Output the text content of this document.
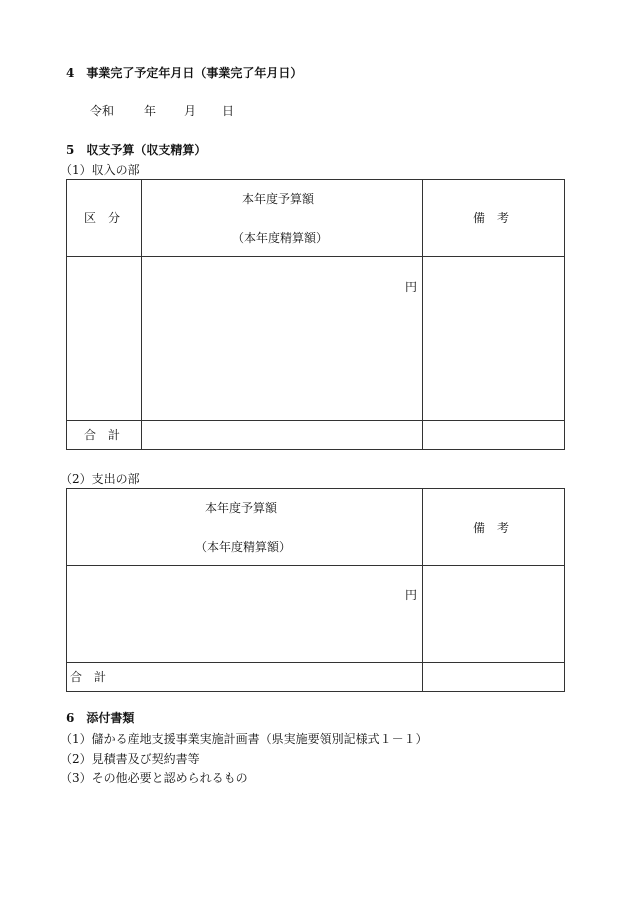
4　事業完了予定年月日（事業完了年月日）
令和 年 月 日
5　収支予算（収支精算）
（1）収入の部
区　分
本年度予算額
（本年度精算額）
備　考
円
合　計
（2）支出の部
本年度予算額
（本年度精算額）
備　考
円
合　計
6　添付書類
（1）儲かる産地支援事業実施計画書（県実施要領別記様式１－１）
（2）見積書及び契約書等
（3）その他必要と認められるもの
